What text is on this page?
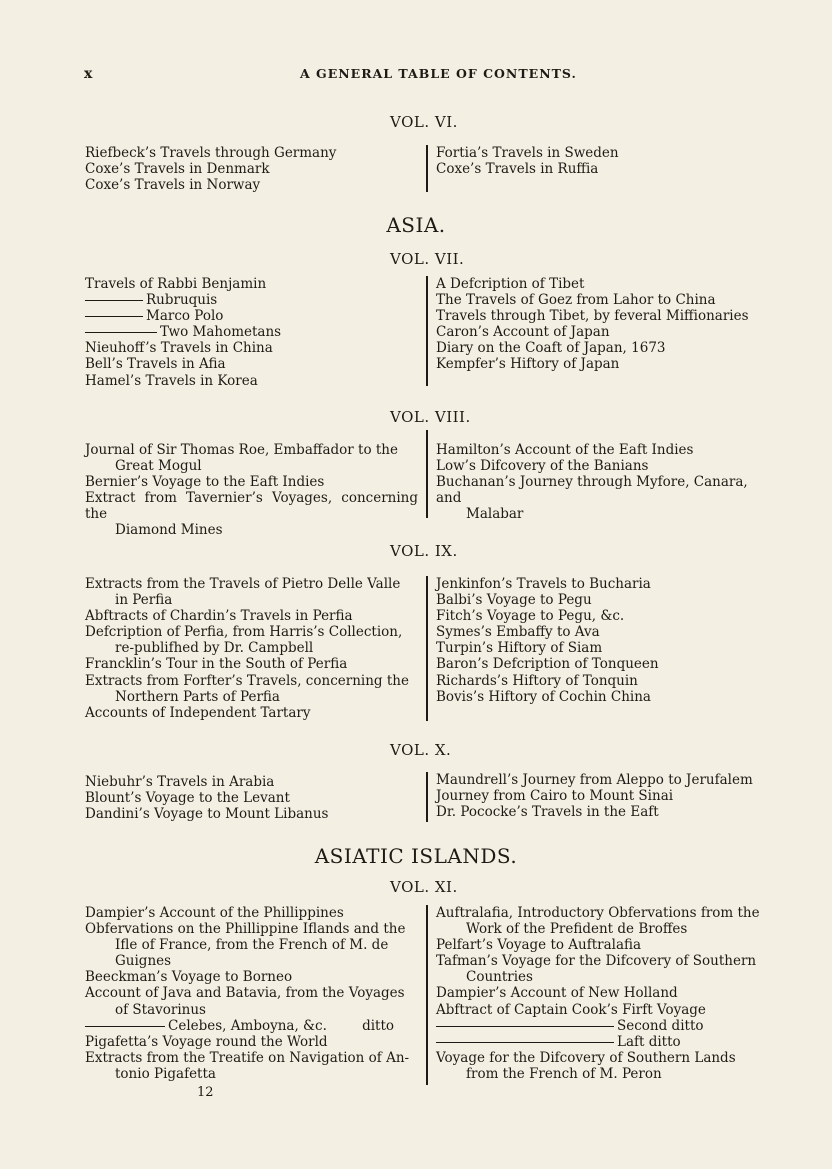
x	A GENERAL TABLE OF CONTENTS.
VOL. VI.

Riefbeck’s Travels through Germany

Coxe’s Travels in Denmark

Coxe’s Travels in Norway

Fortia’s Travels in Sweden

Coxe’s Travels in Ruffia

ASIA.
VOL. VII.

Travels of Rabbi Benjamin

Rubruquis

Marco Polo

Two Mahometans

Nieuhoff’s Travels in China

Bell’s Travels in Afia

Hamel’s Travels in Korea

A Defcription of Tibet

The Travels of Goez from Lahor to China

Travels through Tibet, by feveral Miffionaries

Caron’s Account of Japan

Diary on the Coaft of Japan, 1673

Kempfer’s Hiftory of Japan

VOL. VIII.

Journal of Sir Thomas Roe, Embaffador to the

Great Mogul

Bernier’s Voyage to the Eaft Indies

Extract from Tavernier’s Voyages, concerning the

Diamond Mines

Hamilton’s Account of the Eaft Indies

Low’s Difcovery of the Banians

Buchanan’s Journey through Myfore, Canara, and

Malabar

VOL. IX.

Extracts from the Travels of Pietro Delle Valle

in Perfia

Abftracts of Chardin’s Travels in Perfia

Defcription of Perfia, from Harris’s Collection,

re-publifhed by Dr. Campbell

Francklin’s Tour in the South of Perfia

Extracts from Forfter’s Travels, concerning the

Northern Parts of Perfia

Accounts of Independent Tartary

Jenkinfon’s Travels to Bucharia

Balbi’s Voyage to Pegu

Fitch’s Voyage to Pegu, &c.

Symes’s Embaffy to Ava

Turpin’s Hiftory of Siam

Baron’s Defcription of Tonqueen

Richards’s Hiftory of Tonquin

Bovis’s Hiftory of Cochin China

VOL. X.

Niebuhr’s Travels in Arabia

Blount’s Voyage to the Levant

Dandini’s Voyage to Mount Libanus

Maundrell’s Journey from Aleppo to Jerufalem

Journey from Cairo to Mount Sinai

Dr. Pococke’s Travels in the Eaft

ASIATIC ISLANDS.
VOL. XI.

Dampier’s Account of the Phillippines

Obfervations on the Phillippine Iflands and the

Ifle of France, from the French of M. de

Guignes

Beeckman’s Voyage to Borneo

Account of Java and Batavia, from the Voyages

of Stavorinus

Celebes, Amboyna, &c.	ditto

Pigafetta’s Voyage round the World

Extracts from the Treatife on Navigation of An-

tonio Pigafetta

Auftralafia, Introductory Obfervations from the

Work of the Prefident de Broffes

Pelfart’s Voyage to Auftralafia

Tafman’s Voyage for the Difcovery of Southern

Countries

Dampier’s Account of New Holland

Abftract of Captain Cook’s Firft Voyage

Second ditto

Laft ditto

Voyage for the Difcovery of Southern Lands

from the French of M. Peron

12
